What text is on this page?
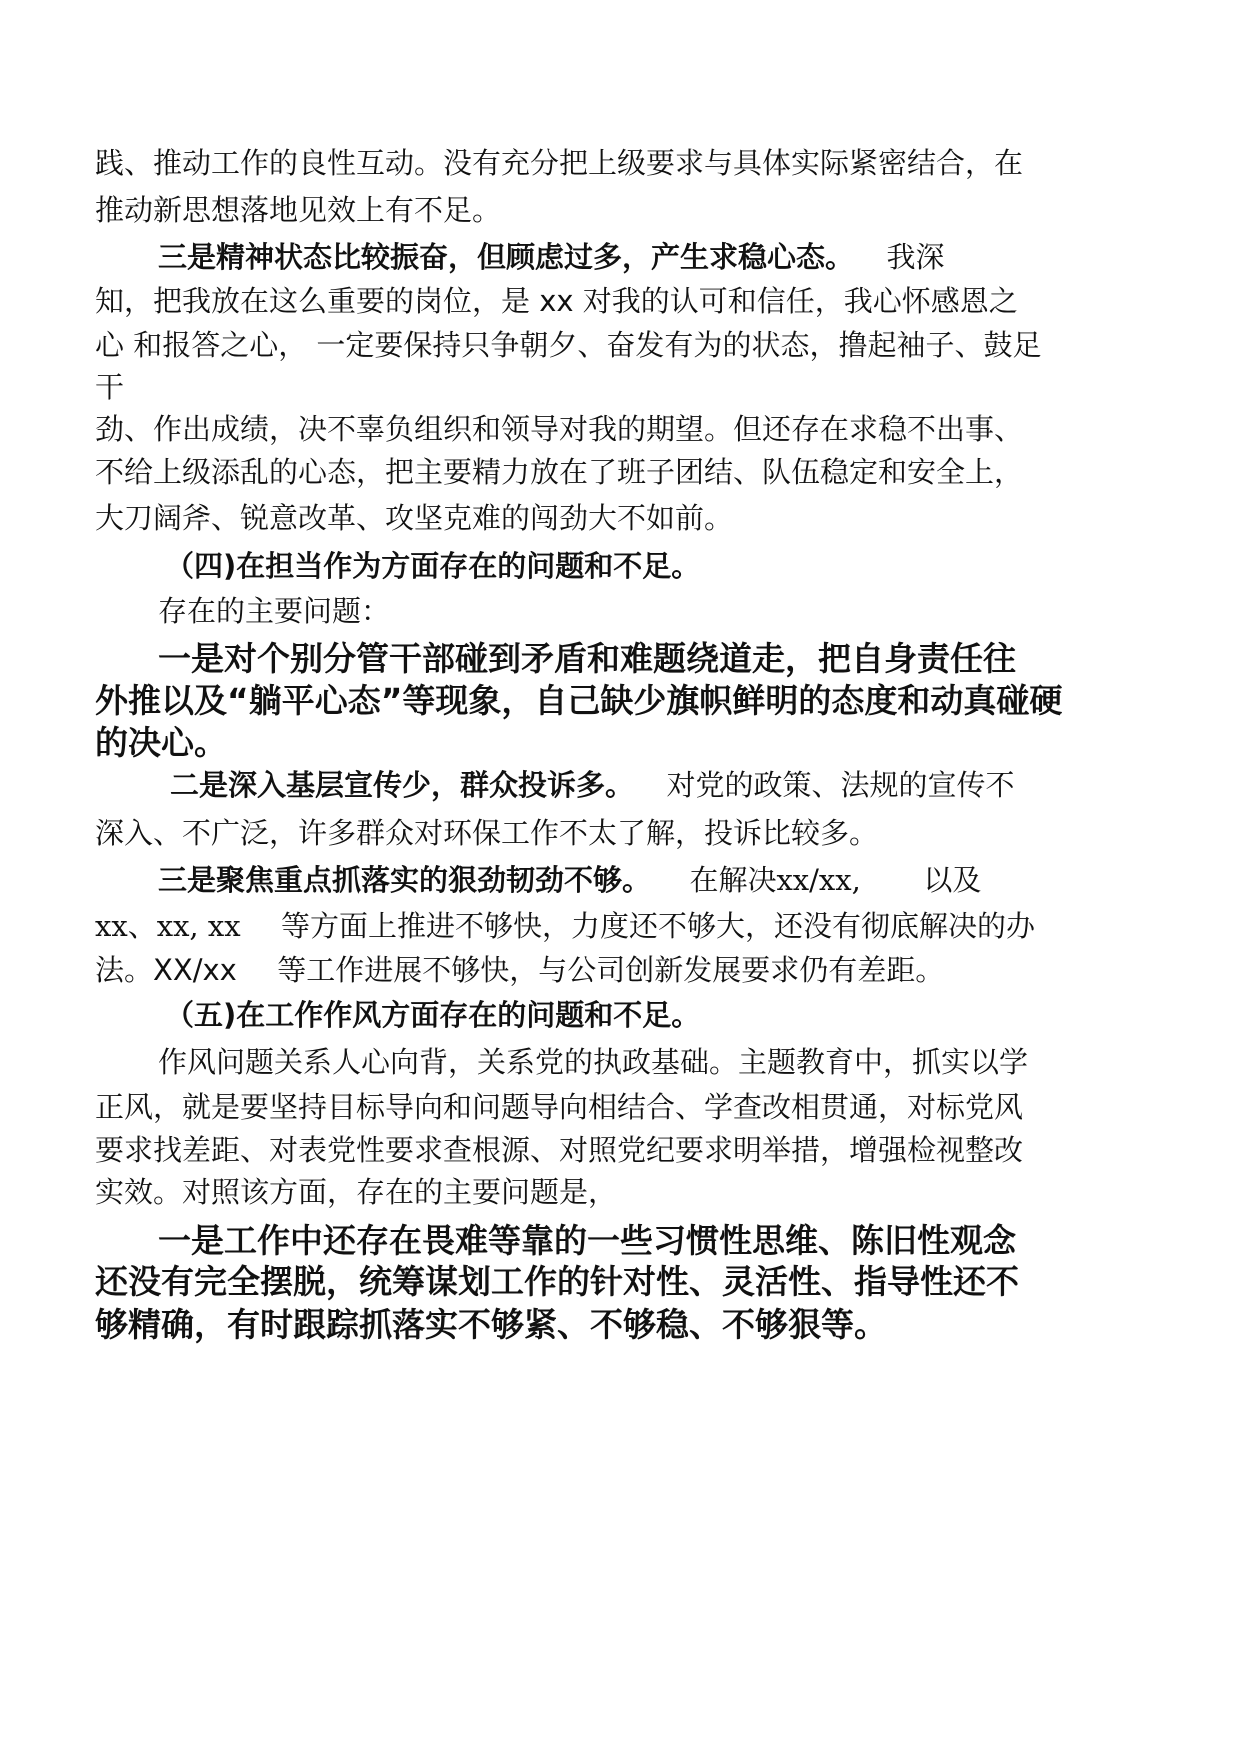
践、推动工作的良性互动。没有充分把上级要求与具体实际紧密结合，在
推动新思想落地见效上有不足。
三是精神状态比较振奋，但顾虑过多，产生求稳心态。 我深
知，把我放在这么重要的岗位，是 xx 对我的认可和信任，我心怀感恩之
心 和报答之心， 一定要保持只争朝夕、奋发有为的状态，撸起袖子、鼓足
干
劲、作出成绩，决不辜负组织和领导对我的期望。但还存在求稳不出事、
不给上级添乱的心态，把主要精力放在了班子团结、队伍稳定和安全上，
大刀阔斧、锐意改革、攻坚克难的闯劲大不如前。
（四)在担当作为方面存在的问题和不足。
存在的主要问题：
一是对个别分管干部碰到矛盾和难题绕道走，把自身责任往
外推以及“躺平心态”等现象，自己缺少旗帜鲜明的态度和动真碰硬
的决心。
二是深入基层宣传少，群众投诉多。 对党的政策、法规的宣传不
深入、不广泛，许多群众对环保工作不太了解，投诉比较多。
三是聚焦重点抓落实的狠劲韧劲不够。 在解决xx/xx, 以及
xx、xx, xx 等方面上推进不够快，力度还不够大，还没有彻底解决的办
法。XX/xx 等工作进展不够快，与公司创新发展要求仍有差距。
（五)在工作作风方面存在的问题和不足。
作风问题关系人心向背，关系党的执政基础。主题教育中，抓实以学
正风，就是要坚持目标导向和问题导向相结合、学查改相贯通，对标党风
要求找差距、对表党性要求查根源、对照党纪要求明举措，增强检视整改
实效。对照该方面，存在的主要问题是，
一是工作中还存在畏难等靠的一些习惯性思维、陈旧性观念
还没有完全摆脱，统筹谋划工作的针对性、灵活性、指导性还不
够精确，有时跟踪抓落实不够紧、不够稳、不够狠等。
